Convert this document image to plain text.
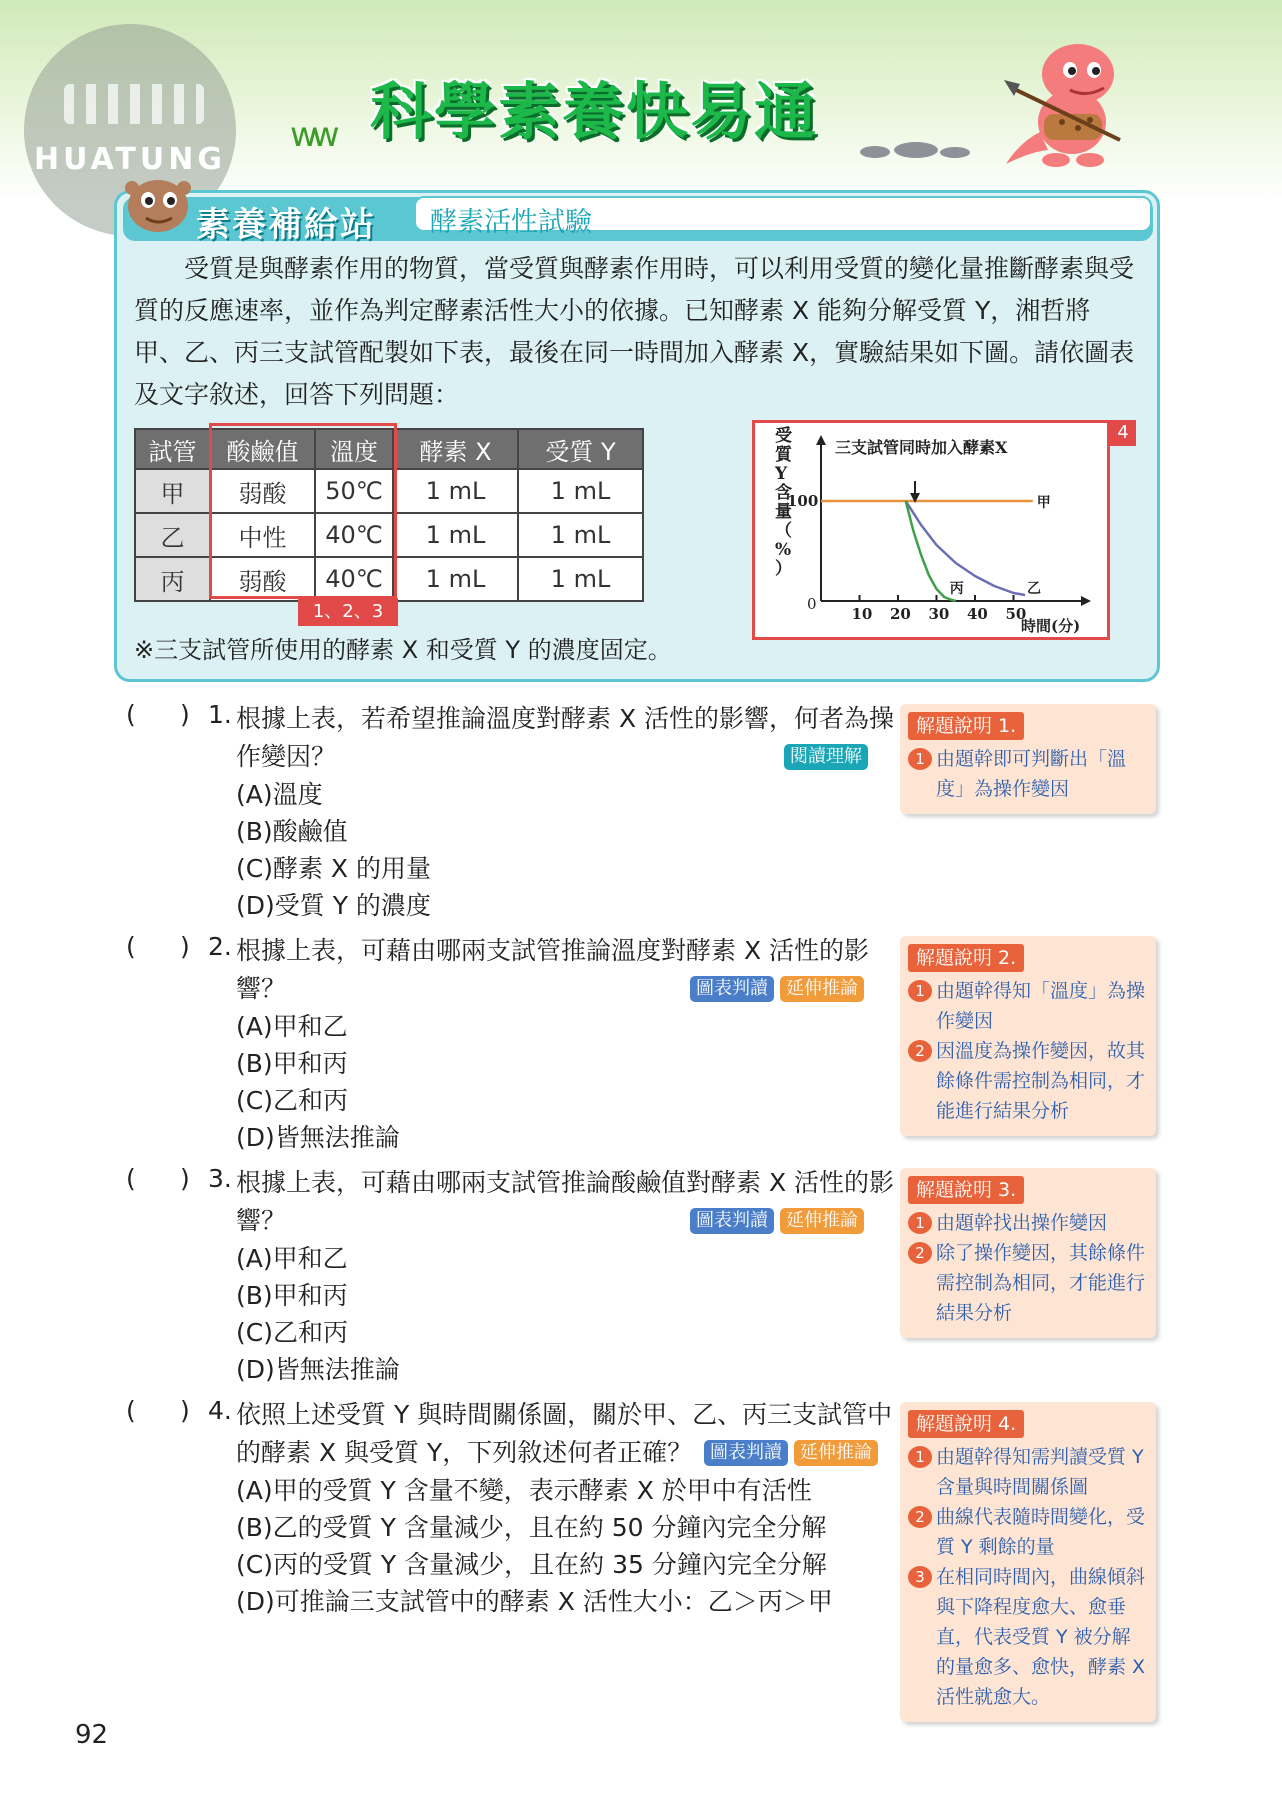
HUATUNG
ᴡᴡ 科學素養快易通
素養補給站 酵素活性試驗
受質是與酵素作用的物質，當受質與酵素作用時，可以利用受質的變化量推斷酵素與受質的反應速率，並作為判定酵素活性大小的依據。已知酵素 X 能夠分解受質 Y，湘哲將甲、乙、丙三支試管配製如下表，最後在同一時間加入酵素 X，實驗結果如下圖。請依圖表及文字敘述，回答下列問題：
試管	酸鹼值	溫度	酵素 X	受質 Y
甲	弱酸	50℃	1 mL	1 mL
乙	中性	40℃	1 mL	1 mL
丙	弱酸	40℃	1 mL	1 mL
1、2、3
※三支試管所使用的酵素 X 和受質 Y 的濃度固定。
受質 Y 含量（%）
三支試管同時加入酵素X
0
時間(分)
10 20 30 40 50
100	甲
乙
丙
4
( ) 1. 根據上表，若希望推論溫度對酵素 X 活性的影響，何者為操作變因？	閱讀理解
(A)溫度
(B)酸鹼值
(C)酵素 X 的用量
(D)受質 Y 的濃度
( ) 2. 根據上表，可藉由哪兩支試管推論溫度對酵素 X 活性的影響？	圖表判讀	延伸推論
(A)甲和乙
(B)甲和丙
(C)乙和丙
(D)皆無法推論
( ) 3. 根據上表，可藉由哪兩支試管推論酸鹼值對酵素 X 活性的影響？	圖表判讀	延伸推論
(A)甲和乙
(B)甲和丙
(C)乙和丙
(D)皆無法推論
( ) 4. 依照上述受質 Y 與時間關係圖，關於甲、乙、丙三支試管中的酵素 X 與受質 Y，下列敘述何者正確？ 圖表判讀	延伸推論
(A)甲的受質 Y 含量不變，表示酵素 X 於甲中有活性
(B)乙的受質 Y 含量減少，且在約 50 分鐘內完全分解
(C)丙的受質 Y 含量減少，且在約 35 分鐘內完全分解
(D)可推論三支試管中的酵素 X 活性大小：乙＞丙＞甲
解題說明 1.
1 由題幹即可判斷出「溫度」為操作變因
解題說明 2.
1 由題幹得知「溫度」為操作變因
2 因溫度為操作變因，故其餘條件需控制為相同，才能進行結果分析
解題說明 3.
1 由題幹找出操作變因
2 除了操作變因，其餘條件需控制為相同，才能進行結果分析
解題說明 4.
1 由題幹得知需判讀受質 Y 含量與時間關係圖
2 曲線代表隨時間變化，受質 Y 剩餘的量
3 在相同時間內，曲線傾斜與下降程度愈大、愈垂直，代表受質 Y 被分解的量愈多、愈快，酵素 X 活性就愈大。
92
